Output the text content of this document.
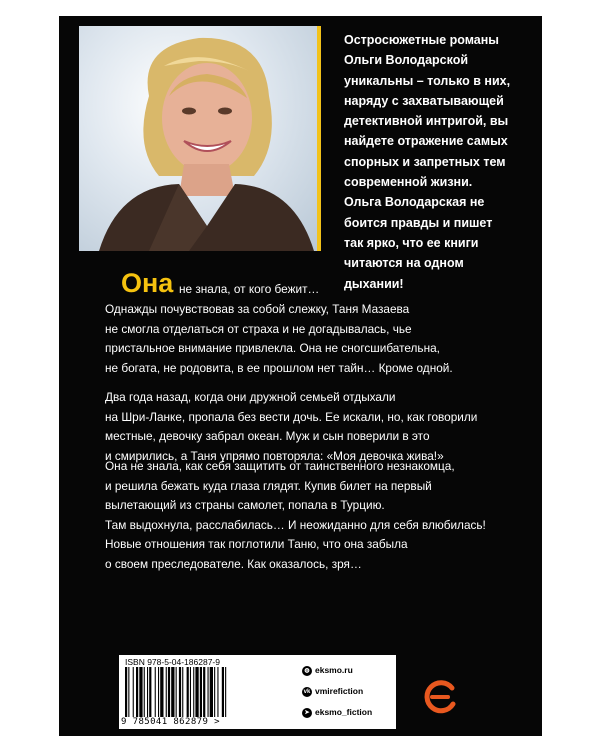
Остросюжетные романы
Ольги Володарской
уникальны – только в них,
наряду с захватывающей
детективной интригой, вы
найдете отражение самых
спорных и запретных тем
современной жизни.
Ольга Володарская не
боится правды и пишет
так ярко, что ее книги
читаются на одном
дыхании!
Она не знала, от кого бежит…
Однажды почувствовав за собой слежку, Таня Мазаева
не смогла отделаться от страха и не догадывалась, чье
пристальное внимание привлекла. Она не сногсшибательна,
не богата, не родовита, в ее прошлом нет тайн… Кроме одной.
Два года назад, когда они дружной семьей отдыхали
на Шри-Ланке, пропала без вести дочь. Ее искали, но, как говорили
местные, девочку забрал океан. Муж и сын поверили в это
и смирились, а Таня упрямо повторяла: «Моя девочка жива!»
Она не знала, как себя защитить от таинственного незнакомца,
и решила бежать куда глаза глядят. Купив билет на первый
вылетающий из страны самолет, попала в Турцию.
Там выдохнула, расслабилась… И неожиданно для себя влюбилась!
Новые отношения так поглотили Таню, что она забыла
о своем преследователе. Как оказалось, зря…
ISBN 978-5-04-186287-9
9 785041 862879 >
◍ eksmo.ru
vk vmirefiction
➤ eksmo_fiction
